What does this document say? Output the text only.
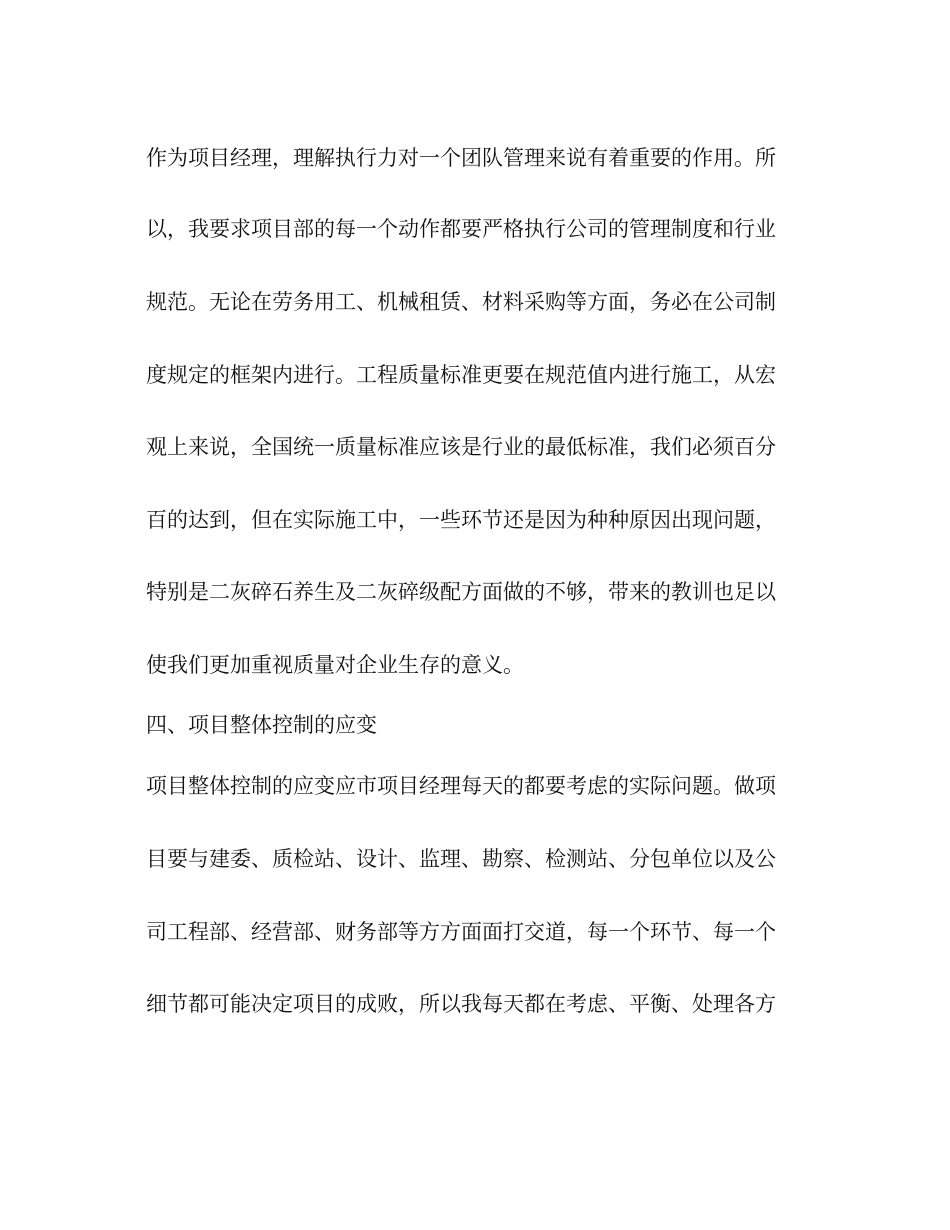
作为项目经理，理解执行力对一个团队管理来说有着重要的作用。所
以，我要求项目部的每一个动作都要严格执行公司的管理制度和行业
规范。无论在劳务用工、机械租赁、材料采购等方面，务必在公司制
度规定的框架内进行。工程质量标准更要在规范值内进行施工，从宏
观上来说，全国统一质量标准应该是行业的最低标准，我们必须百分
百的达到，但在实际施工中，一些环节还是因为种种原因出现问题，
特别是二灰碎石养生及二灰碎级配方面做的不够，带来的教训也足以
使我们更加重视质量对企业生存的意义。
四、项目整体控制的应变
项目整体控制的应变应市项目经理每天的都要考虑的实际问题。做项
目要与建委、质检站、设计、监理、勘察、检测站、分包单位以及公
司工程部、经营部、财务部等方方面面打交道，每一个环节、每一个
细节都可能决定项目的成败，所以我每天都在考虑、平衡、处理各方
